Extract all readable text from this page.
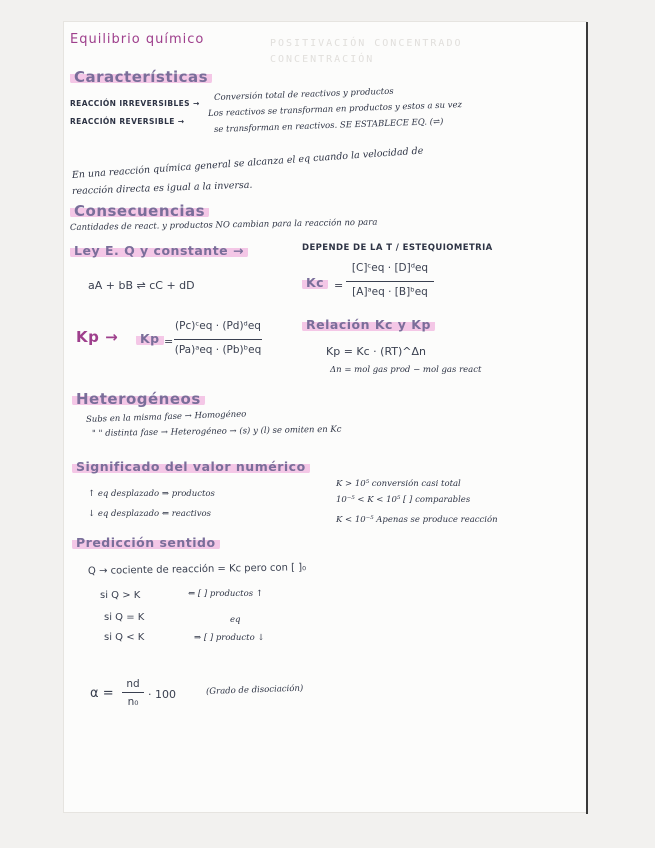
POSITIVACIÓN CONCENTRADO
CONCENTRACIÓN
Equilibrio químico
Características
REACCIÓN IRREVERSIBLES →
Conversión total de reactivos y productos
REACCIÓN REVERSIBLE →
Los reactivos se transforman en productos y estos a su vez
se transforman en reactivos. SE ESTABLECE EQ. (⇌)
En una reacción química general se alcanza el eq cuando la velocidad de
reacción directa es igual a la inversa.
Consecuencias
Cantidades de react. y productos NO cambian para la reacción no para
Ley E. Q y constante →	DEPENDE DE LA T / ESTEQUIOMETRIA
aA + bB ⇌ cC + dD	Kc =
[C]ᶜeq · [D]ᵈeq
[A]ᵃeq · [B]ᵇeq
Kp →	Kp =
(Pc)ᶜeq · (Pd)ᵈeq
(Pa)ᵃeq · (Pb)ᵇeq
Relación Kc y Kp
Kp = Kc · (RT)^Δn
Δn = mol gas prod − mol gas react
Heterogéneos
Subs en la misma fase → Homogéneo
" " distinta fase → Heterogéneo → (s) y (l) se omiten en Kc
Significado del valor numérico
↑ eq desplazado ⇒ productos
↓ eq desplazado ⇐ reactivos
K > 10⁵ conversión casi total
10⁻⁵ < K < 10⁵ [ ] comparables
K < 10⁻⁵ Apenas se produce reacción
Predicción sentido
Q → cociente de reacción = Kc pero con [ ]₀
si Q > K	⇐ [ ] productos ↑
si Q = K	eq
si Q < K	⇒ [ ] producto ↓
α =
nd
n₀
· 100	(Grado de disociación)
